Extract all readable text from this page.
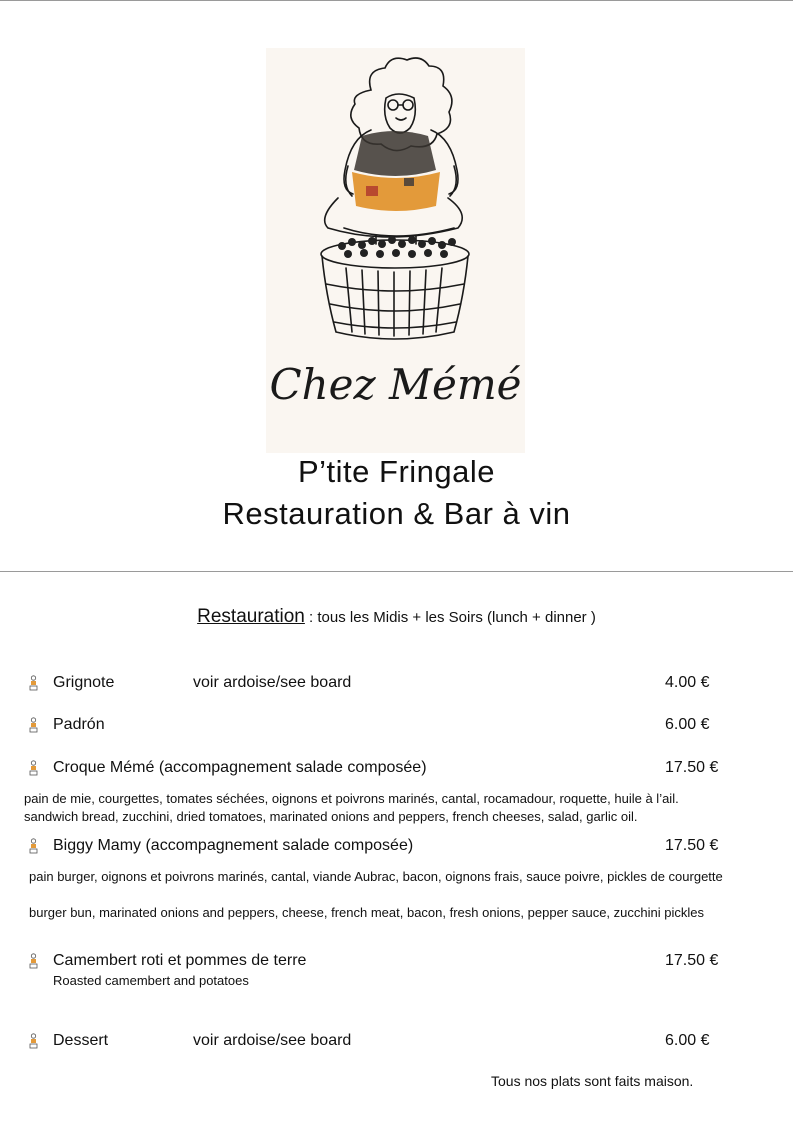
Chez Mémé
P’tite Fringale
Restauration & Bar à vin
Restauration : tous les Midis + les Soirs (lunch + dinner )
Grignote	voir ardoise/see board	4.00 €
Padrón	6.00 €
Croque Mémé (accompagnement salade composée)	17.50 €
pain de mie, courgettes, tomates séchées, oignons et poivrons marinés, cantal, rocamadour, roquette, huile à l’ail.
sandwich bread, zucchini, dried tomatoes, marinated onions and peppers, french cheeses, salad, garlic oil.
Biggy Mamy (accompagnement salade composée)	17.50 €
pain burger, oignons et poivrons marinés, cantal, viande Aubrac, bacon, oignons frais, sauce poivre, pickles de courgette
burger bun, marinated onions and peppers, cheese, french meat, bacon, fresh onions, pepper sauce, zucchini pickles
Camembert roti et pommes de terre	17.50 €
Roasted camembert and potatoes
Dessert	voir ardoise/see board	6.00 €
Tous nos plats sont faits maison.
